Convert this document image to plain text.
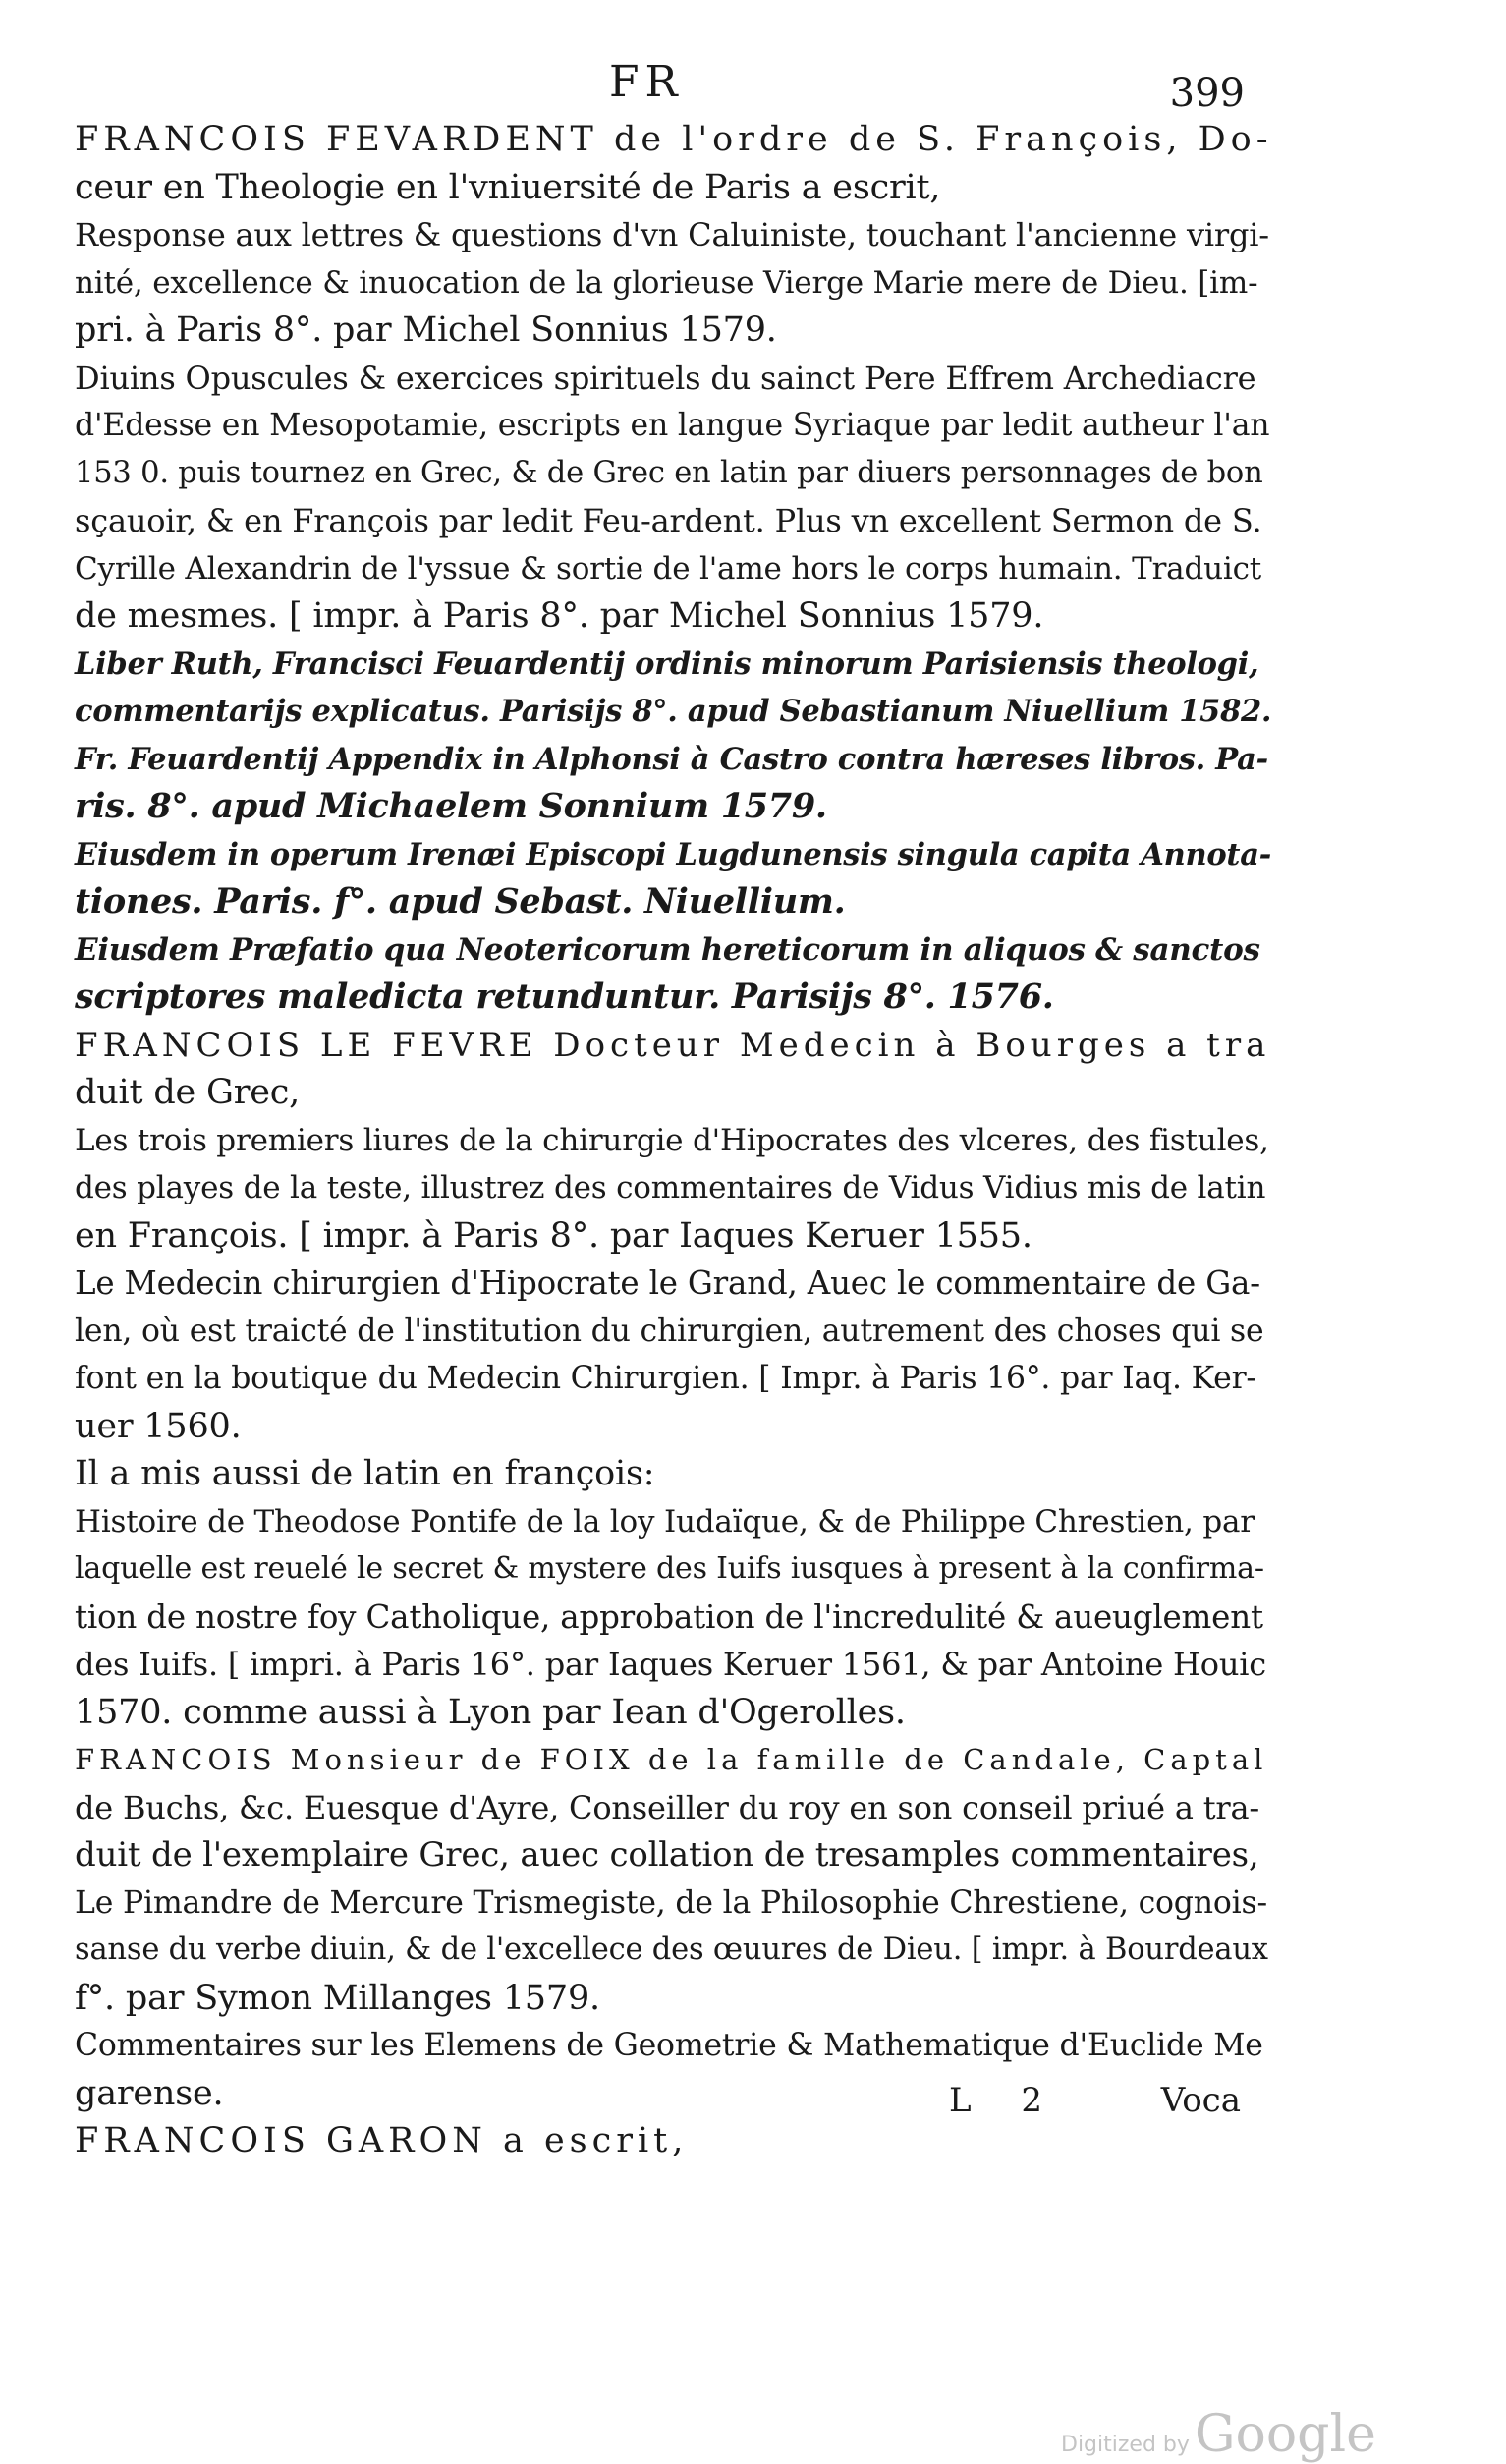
FR	399
FRANCOIS FEVARDENT de l'ordre de S. François, Do-
ceur en Theologie en l'vniuersité de Paris a escrit,
Response aux lettres & questions d'vn Caluiniste, touchant l'ancienne virgi-
nité, excellence & inuocation de la glorieuse Vierge Marie mere de Dieu. [im-
pri. à Paris 8°. par Michel Sonnius 1579.
Diuins Opuscules & exercices spirituels du sainct Pere Effrem Archediacre
d'Edesse en Mesopotamie, escripts en langue Syriaque par ledit autheur l'an
153 0. puis tournez en Grec, & de Grec en latin par diuers personnages de bon
sçauoir, & en François par ledit Feu-ardent. Plus vn excellent Sermon de S.
Cyrille Alexandrin de l'yssue & sortie de l'ame hors le corps humain. Traduict
de mesmes. [ impr. à Paris 8°. par Michel Sonnius 1579.
Liber Ruth, Francisci Feuardentij ordinis minorum Parisiensis theologi,
commentarijs explicatus. Parisijs 8°. apud Sebastianum Niuellium 1582.
Fr. Feuardentij Appendix in Alphonsi à Castro contra hæreses libros. Pa-
ris. 8°. apud Michaelem Sonnium 1579.
Eiusdem in operum Irenæi Episcopi Lugdunensis singula capita Annota-
tiones. Paris. f°. apud Sebast. Niuellium.
Eiusdem Præfatio qua Neotericorum hereticorum in aliquos & sanctos
scriptores maledicta retunduntur. Parisijs 8°. 1576.
FRANCOIS LE FEVRE Docteur Medecin à Bourges a tra
duit de Grec,
Les trois premiers liures de la chirurgie d'Hipocrates des vlceres, des fistules,
des playes de la teste, illustrez des commentaires de Vidus Vidius mis de latin
en François. [ impr. à Paris 8°. par Iaques Keruer 1555.
Le Medecin chirurgien d'Hipocrate le Grand, Auec le commentaire de Ga-
len, où est traicté de l'institution du chirurgien, autrement des choses qui se
font en la boutique du Medecin Chirurgien. [ Impr. à Paris 16°. par Iaq. Ker-
uer 1560.
Il a mis aussi de latin en françois:
Histoire de Theodose Pontife de la loy Iudaïque, & de Philippe Chrestien, par
laquelle est reuelé le secret & mystere des Iuifs iusques à present à la confirma-
tion de nostre foy Catholique, approbation de l'incredulité & aueuglement
des Iuifs. [ impri. à Paris 16°. par Iaques Keruer 1561, & par Antoine Houic
1570. comme aussi à Lyon par Iean d'Ogerolles.
FRANCOIS Monsieur de FOIX de la famille de Candale, Captal
de Buchs, &c. Euesque d'Ayre, Conseiller du roy en son conseil priué a tra-
duit de l'exemplaire Grec, auec collation de tresamples commentaires,
Le Pimandre de Mercure Trismegiste, de la Philosophie Chrestiene, cognois-
sanse du verbe diuin, & de l'excellece des œuures de Dieu. [ impr. à Bourdeaux
f°. par Symon Millanges 1579.
Commentaires sur les Elemens de Geometrie & Mathematique d'Euclide Me
garense.
FRANCOIS GARON a escrit,
L 2	Voca
Digitized by Google
